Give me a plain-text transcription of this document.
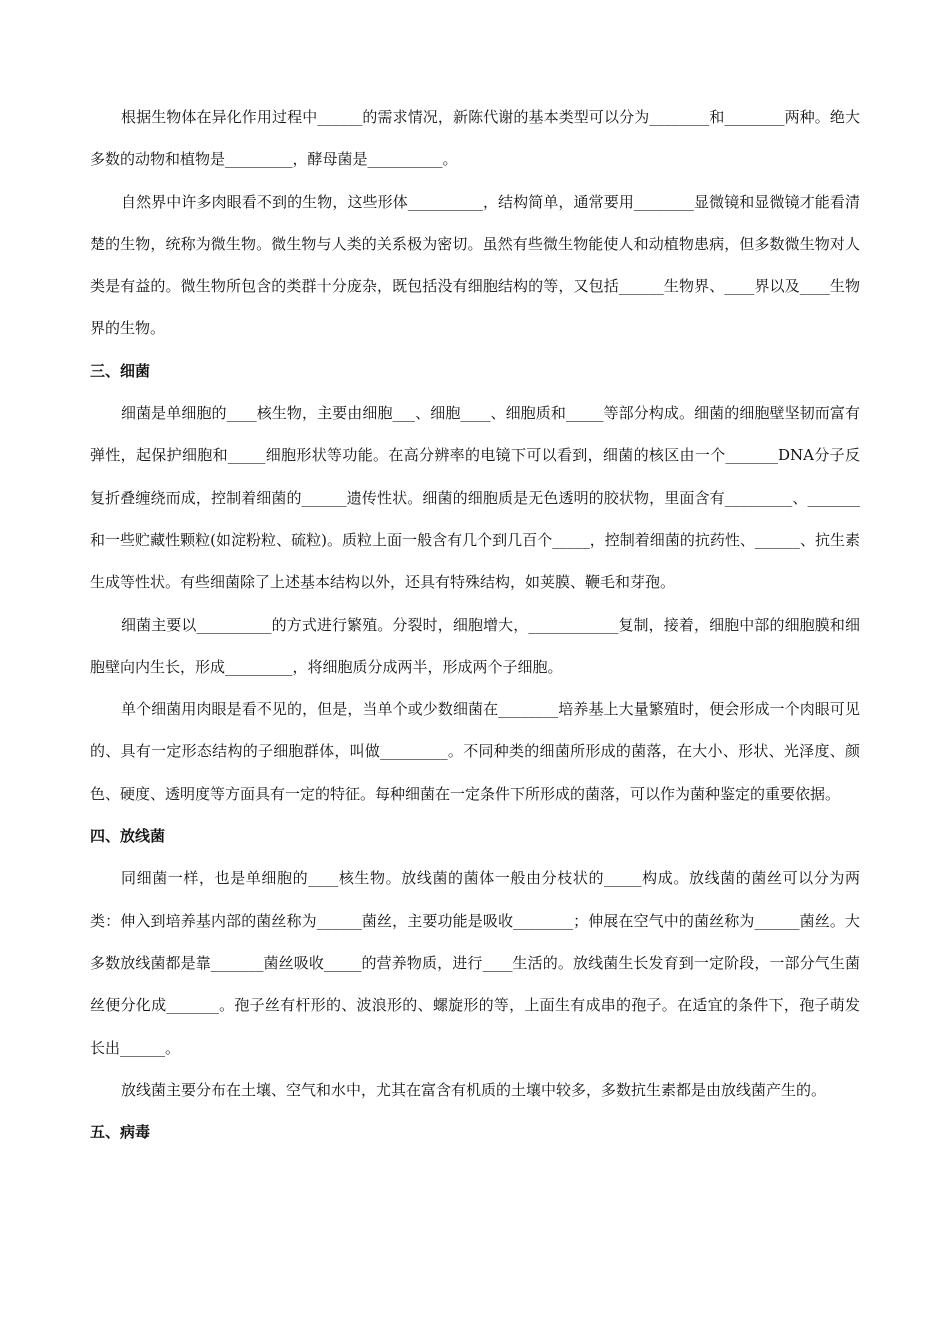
根据生物体在异化作用过程中______的需求情况，新陈代谢的基本类型可以分为________和________两种。绝大多数的动物和植物是_________，酵母菌是__________。

自然界中许多肉眼看不到的生物，这些形体__________，结构简单，通常要用________显微镜和显微镜才能看清楚的生物，统称为微生物。微生物与人类的关系极为密切。虽然有些微生物能使人和动植物患病，但多数微生物对人类是有益的。微生物所包含的类群十分庞杂，既包括没有细胞结构的等，又包括______生物界、____界以及____生物界的生物。

三、细菌

细菌是单细胞的____核生物，主要由细胞___、细胞____、细胞质和_____等部分构成。细菌的细胞壁坚韧而富有弹性，起保护细胞和_____细胞形状等功能。在高分辨率的电镜下可以看到，细菌的核区由一个_______DNA分子反复折叠缠绕而成，控制着细菌的______遗传性状。细菌的细胞质是无色透明的胶状物，里面含有_________、_______和一些贮藏性颗粒(如淀粉粒、硫粒)。质粒上面一般含有几个到几百个_____，控制着细菌的抗药性、______、抗生素生成等性状。有些细菌除了上述基本结构以外，还具有特殊结构，如荚膜、鞭毛和芽孢。

细菌主要以__________的方式进行繁殖。分裂时，细胞增大，____________复制，接着，细胞中部的细胞膜和细胞壁向内生长，形成_________，将细胞质分成两半，形成两个子细胞。

单个细菌用肉眼是看不见的，但是，当单个或少数细菌在________培养基上大量繁殖时，便会形成一个肉眼可见的、具有一定形态结构的子细胞群体，叫做_________。不同种类的细菌所形成的菌落，在大小、形状、光泽度、颜色、硬度、透明度等方面具有一定的特征。每种细菌在一定条件下所形成的菌落，可以作为菌种鉴定的重要依据。

四、放线菌

同细菌一样，也是单细胞的____核生物。放线菌的菌体一般由分枝状的_____构成。放线菌的菌丝可以分为两类：伸入到培养基内部的菌丝称为______菌丝，主要功能是吸收________；伸展在空气中的菌丝称为______菌丝。大多数放线菌都是靠_______菌丝吸收_____的营养物质，进行____生活的。放线菌生长发育到一定阶段，一部分气生菌丝便分化成_______。孢子丝有杆形的、波浪形的、螺旋形的等，上面生有成串的孢子。在适宜的条件下，孢子萌发长出______。

放线菌主要分布在土壤、空气和水中，尤其在富含有机质的土壤中较多，多数抗生素都是由放线菌产生的。

五、病毒
